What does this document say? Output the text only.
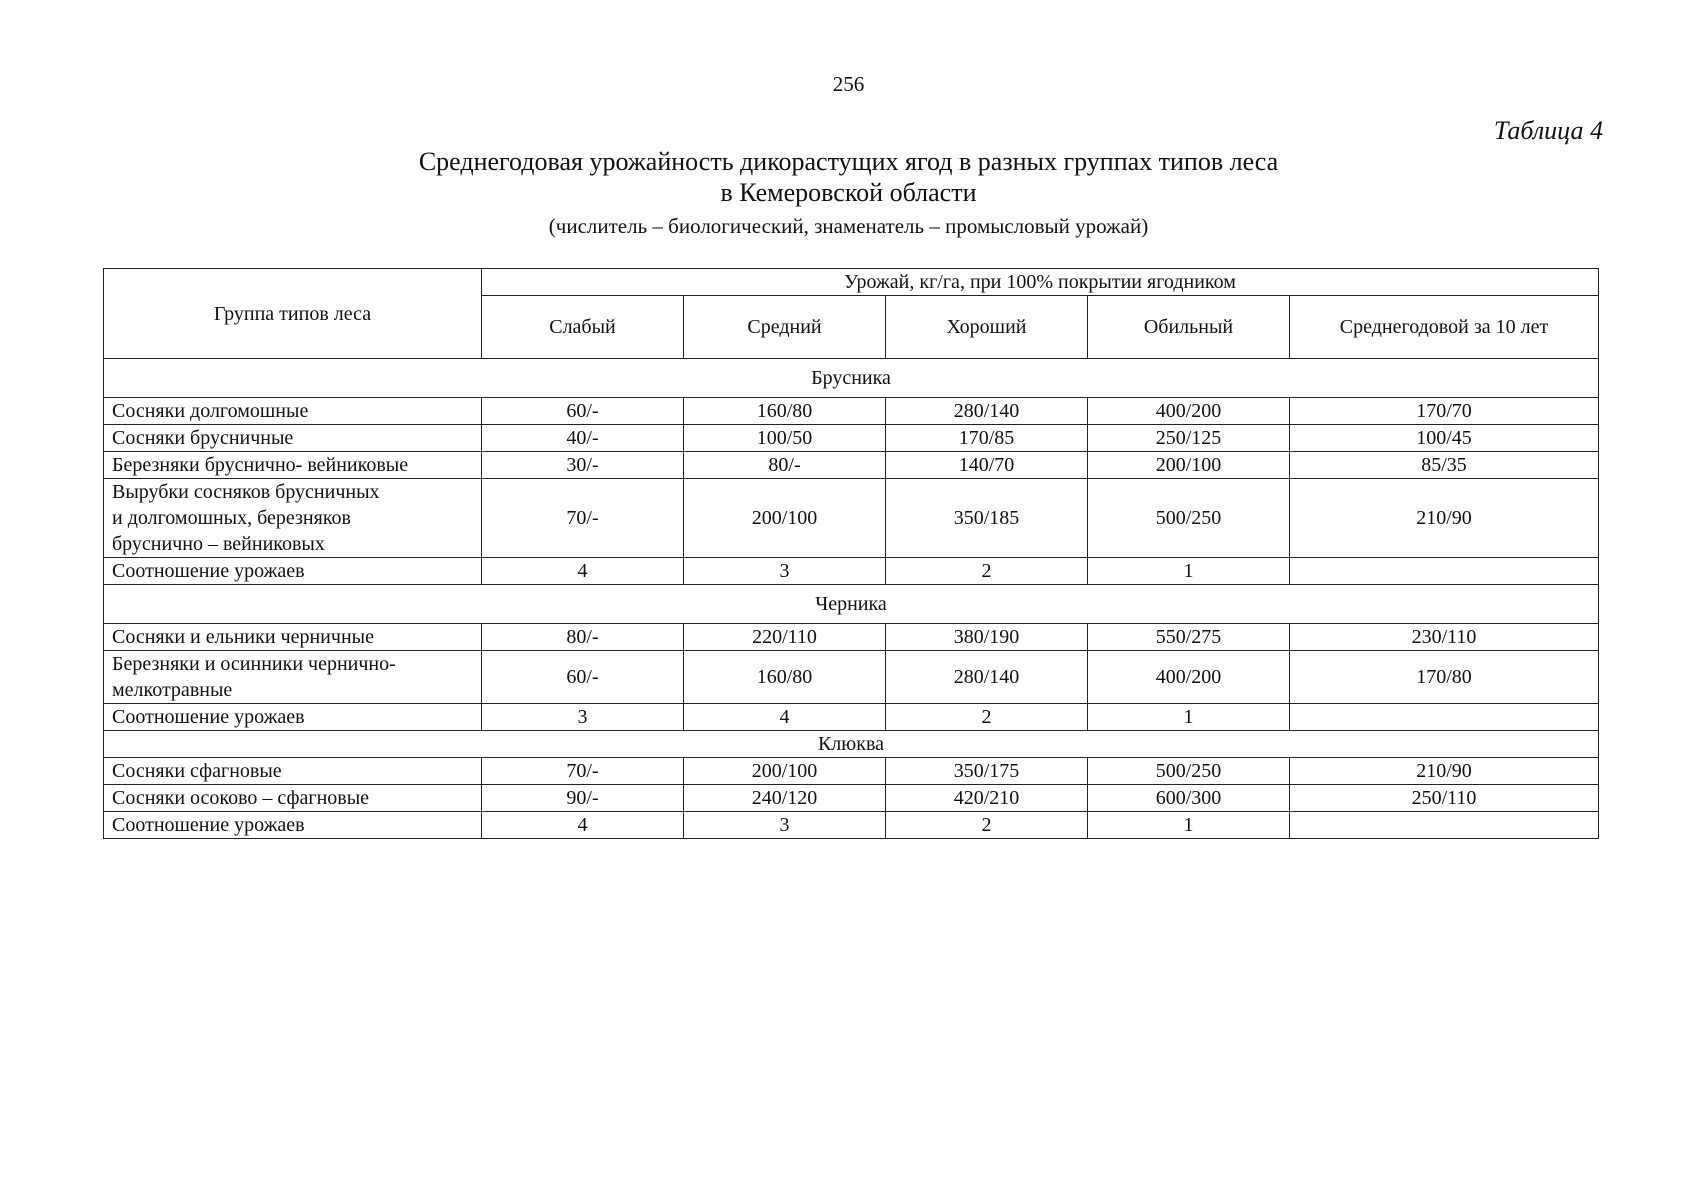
256
Таблица 4
Среднегодовая урожайность дикорастущих ягод в разных группах типов леса
в Кемеровской области
(числитель – биологический, знаменатель – промысловый урожай)
Группа типов леса	Урожай, кг/га, при 100% покрытии ягодником				
	Слабый	Средний	Хороший	Обильный	Среднегодовой за 10 лет
Брусника					

Сосняки долгомошные	60/-	160/80	280/140	400/200	170/70

Сосняки брусничные	40/-	100/50	170/85	250/125	100/45

Березняки бруснично- вейниковые	30/-	80/-	140/70	200/100	85/35

Вырубки сосняков брусничных
и долгомошных, березняков
бруснично – вейниковых	70/-	200/100	350/185	500/250	210/90

Соотношение урожаев	4	3	2	1	
Черника					

Сосняки и ельники черничные	80/-	220/110	380/190	550/275	230/110

Березняки и осинники чернично-
мелкотравные	60/-	160/80	280/140	400/200	170/80

Соотношение урожаев	3	4	2	1	
Клюква					

Сосняки сфагновые	70/-	200/100	350/175	500/250	210/90

Сосняки осоково – сфагновые	90/-	240/120	420/210	600/300	250/110

Соотношение урожаев	4	3	2	1	
